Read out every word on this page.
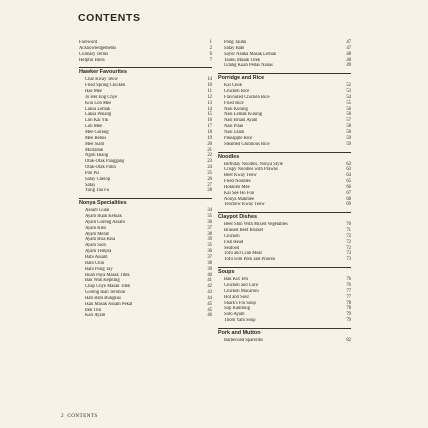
CONTENTS
Foreword	1
Acknowledgements	2
Culinary Terms	6
Helpful Hints	7
Hawker Favourites
Char Kway Teow	14
Fried Spring Chicken	10
Hae Mee	11
Ju Her Eng Chye	12
Kon Loh Mee	13
Laksa Lemak	14
Laksa Penang	15
Loh Kai Yik	16
Loh Mee	17
Mee Goreng	18
Mee Rebus	19
Mee Siam	20
Murtabak	21
Ngoh Hiang	22
Otak-Otak Panggang	23
Otak-Otak Putih	24
Poh Pia	25
Satay Chelop	26
Satay	27
Yong Tau Fu	28
Nonya Specialities
Assam Gulai	34
Ayam Buah Keluak	35
Ayam Goreng Assam	36
Ayam Kleo	37
Ayam Merah	38
Ayam Risa Risa	39
Ayam Sioh	35
Ayam Tempra	36
Babi Assam	37
Babi Chin	38
Babi Pong Tay	39
Buah Paya Masak Titek	40
Bak Wan Kepiting	41
Chap Chye Masak Titek	42
Goreng Ikan Terubok	43
Hati Babi Bungkus	44
Ikan Masak Assam Pekat	45
Itek Tim	45
Kari Ayam	46
Pong Tauhu	47
Satay Babi	47
Sayor Nanka Masak Lemak	48
Tauhu Masak Titek	48
Udang Kuah Pedas Nanas	49
Porridge and Rice
Kai Chok	52
Chicken Rice	53
Flavoured Chicken Rice	54
Fried Rice	55
Nasi Kuning	56
Nasi Lemak Kuning	56
Nasi Briani Ayam	57
Nasi Pilau	58
Nasi Ulam	58
Pineapple Rice	59
Steamed Glutinous Rice	59
Noodles
Birthday Noodles, Nonya Style	62
Crispy Noodles with Prawns	63
Beef Kway Teow	64
Fried Noodles	65
Hokkien Mee	66
Kai See Ho Fun	67
Nonya Mahmee	68
Teochew Kway Teow	69
Claypot Dishes
Beef Shin With Mixed Vegetables	70
Braised Beef Brisket	71
Chicken	72
Fish Head	72
Seafood	72
Tofu and Crab Meat	73
Tofu with Pork and Prawns	73
Soups
Bak Kut Teh	76
Chicken and Corn	76
Chicken Macaroni	77
Hot and Sour	77
Shark's Fin Soup	78
Sop Kambing	78
Soto Ayam	79
Thom Yam Soup	79
Pork and Mutton
Barbecued Spareribs	82
2 CONTENTS
